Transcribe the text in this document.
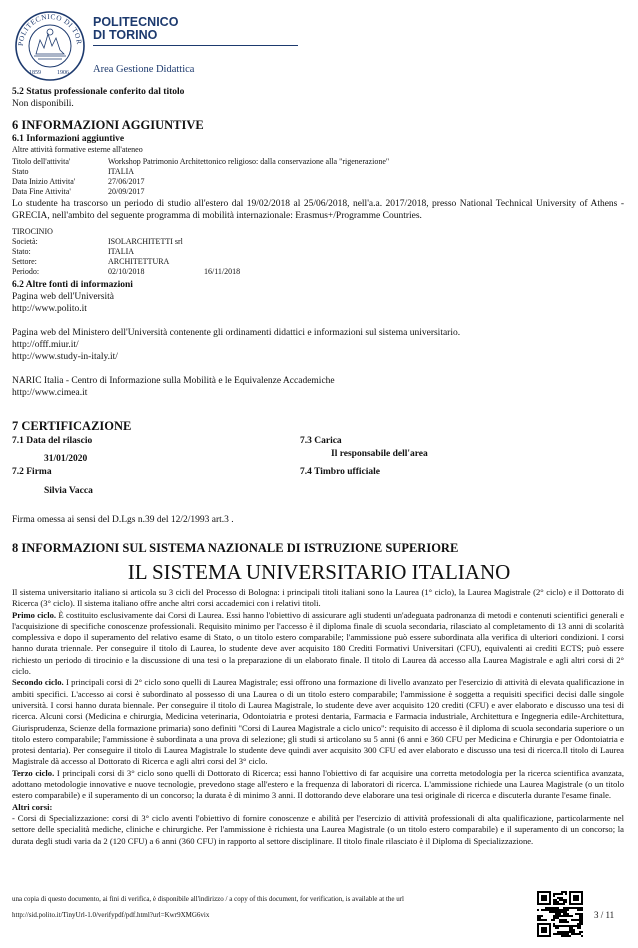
POLITECNICO DI TOR
1859	1906
POLITECNICO
DI TORINO
Area Gestione Didattica
5.2 Status professionale conferito dal titolo
Non disponibili.
6 INFORMAZIONI AGGIUNTIVE
6.1 Informazioni aggiuntive
Altre attività formative esterne all'ateneo
Titolo dell'attivita'	Workshop Patrimonio Architettonico religioso: dalla conservazione alla "rigenerazione"
Stato	ITALIA
Data Inizio Attivita'	27/06/2017
Data Fine Attivita'	20/09/2017
Lo studente ha trascorso un periodo di studio all'estero dal 19/02/2018 al 25/06/2018, nell'a.a. 2017/2018, presso National Technical University of Athens - GRECIA, nell'ambito del seguente programma di mobilità internazionale: Erasmus+/Programme Countries.
TIROCINIO
Società:	ISOLARCHITETTI srl
Stato:	ITALIA
Settore:	ARCHITETTURA
Periodo:	02/10/2018	16/11/2018
6.2 Altre fonti di informazioni
Pagina web dell'Università
http://www.polito.it
Pagina web del Ministero dell'Università contenente gli ordinamenti didattici e informazioni sul sistema universitario.
http://offf.miur.it/
http://www.study-in-italy.it/
NARIC Italia - Centro di Informazione sulla Mobilità e le Equivalenze Accademiche
http://www.cimea.it
7 CERTIFICAZIONE
7.1 Data del rilascio
31/01/2020
7.2 Firma
Silvia Vacca
7.3 Carica
Il responsabile dell'area
7.4 Timbro ufficiale
Firma omessa ai sensi del D.Lgs n.39 del 12/2/1993 art.3 .
8 INFORMAZIONI SUL SISTEMA NAZIONALE DI ISTRUZIONE SUPERIORE
IL SISTEMA UNIVERSITARIO ITALIANO

Il sistema universitario italiano si articola su 3 cicli del Processo di Bologna: i principali titoli italiani sono la Laurea (1° ciclo), la Laurea Magistrale (2° ciclo) e il Dottorato di Ricerca (3° ciclo). Il sistema italiano offre anche altri corsi accademici con i relativi titoli.

Primo ciclo. È costituito esclusivamente dai Corsi di Laurea. Essi hanno l'obiettivo di assicurare agli studenti un'adeguata padronanza di metodi e contenuti scientifici generali e l'acquisizione di specifiche conoscenze professionali. Requisito minimo per l'accesso è il diploma finale di scuola secondaria, rilasciato al completamento di 13 anni di scolarità complessiva e dopo il superamento del relativo esame di Stato, o un titolo estero comparabile; l'ammissione può essere subordinata alla verifica di ulteriori condizioni. I corsi hanno durata triennale. Per conseguire il titolo di Laurea, lo studente deve aver acquisito 180 Crediti Formativi Universitari (CFU), equivalenti ai crediti ECTS; può essere richiesto un periodo di tirocinio e la discussione di una tesi o la preparazione di un elaborato finale. Il titolo di Laurea dà accesso alla Laurea Magistrale e agli altri corsi di 2° ciclo.

Secondo ciclo. I principali corsi di 2° ciclo sono quelli di Laurea Magistrale; essi offrono una formazione di livello avanzato per l'esercizio di attività di elevata qualificazione in ambiti specifici. L'accesso ai corsi è subordinato al possesso di una Laurea o di un titolo estero comparabile; l'ammissione è soggetta a requisiti specifici decisi dalle singole università. I corsi hanno durata biennale. Per conseguire il titolo di Laurea Magistrale, lo studente deve aver acquisito 120 crediti (CFU) e aver elaborato e discusso una tesi di ricerca. Alcuni corsi (Medicina e chirurgia, Medicina veterinaria, Odontoiatria e protesi dentaria, Farmacia e Farmacia industriale, Architettura e Ingegneria edile-Architettura, Giurisprudenza, Scienze della formazione primaria) sono definiti "Corsi di Laurea Magistrale a ciclo unico": requisito di accesso è il diploma di scuola secondaria superiore o un titolo estero comparabile; l'ammissione è subordinata a una prova di selezione; gli studi si articolano su 5 anni (6 anni e 360 CFU per Medicina e Chirurgia e per Odontoiatria e protesi dentaria). Per conseguire il titolo di Laurea Magistrale lo studente deve quindi aver acquisito 300 CFU ed aver elaborato e discusso una tesi di ricerca.Il titolo di Laurea Magistrale dà accesso al Dottorato di Ricerca e agli altri corsi del 3° ciclo.

Terzo ciclo. I principali corsi di 3° ciclo sono quelli di Dottorato di Ricerca; essi hanno l'obiettivo di far acquisire una corretta metodologia per la ricerca scientifica avanzata, adottano metodologie innovative e nuove tecnologie, prevedono stage all'estero e la frequenza di laboratori di ricerca. L'ammissione richiede una Laurea Magistrale (o un titolo estero comparabile) e il superamento di un concorso; la durata è di minimo 3 anni. Il dottorando deve elaborare una tesi originale di ricerca e discuterla durante l'esame finale.

Altri corsi:

- Corsi di Specializzazione: corsi di 3° ciclo aventi l'obiettivo di fornire conoscenze e abilità per l'esercizio di attività professionali di alta qualificazione, particolarmente nel settore delle specialità mediche, cliniche e chirurgiche. Per l'ammissione è richiesta una Laurea Magistrale (o un titolo estero comparabile) e il superamento di un concorso; la durata degli studi varia da 2 (120 CFU) a 6 anni (360 CFU) in rapporto al settore disciplinare. Il titolo finale rilasciato è il Diploma di Specializzazione.

una copia di questo documento, ai fini di verifica, è disponibile all'indirizzo / a copy of this document, for verification, is available at the url
http://sid.polito.it/TinyUrl-1.0/verifypdf/pdf.html?url=Kwr9XMG6vix	3 / 11
